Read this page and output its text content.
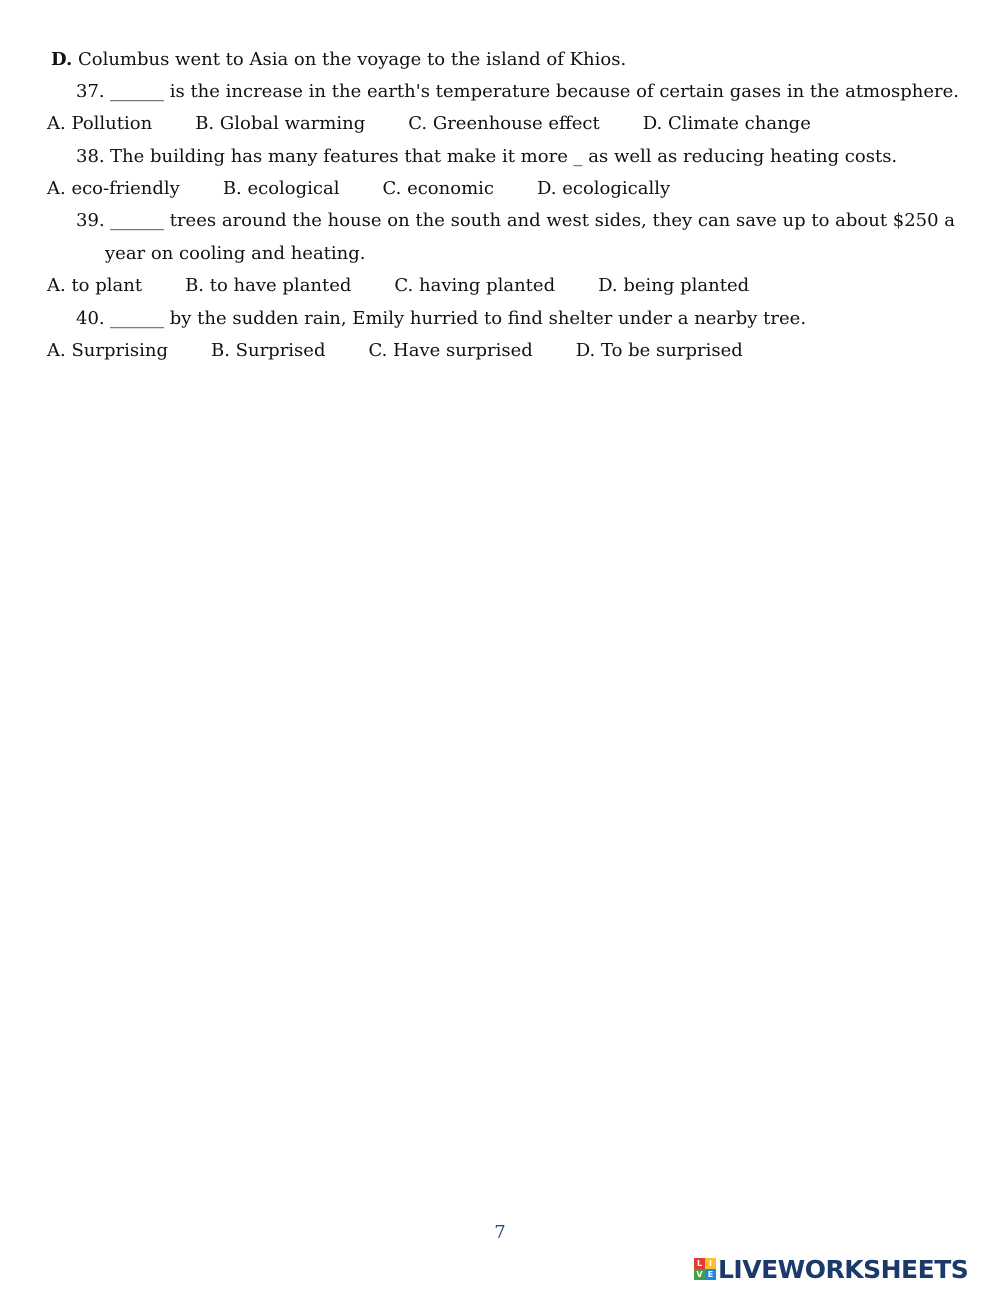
D. Columbus went to Asia on the voyage to the island of Khios.
37. ______ is the increase in the earth's temperature because of certain gases in the atmosphere.
A. Pollution B. Global warming C. Greenhouse effect D. Climate change
38. The building has many features that make it more _ as well as reducing heating costs.
A. eco-friendly B. ecological C. economic D. ecologically
39. ______ trees around the house on the south and west sides, they can save up to about $250 a
year on cooling and heating.
A. to plant B. to have planted C. having planted D. being planted
40. ______ by the sudden rain, Emily hurried to find shelter under a nearby tree.
A. Surprising B. Surprised C. Have surprised D. To be surprised
7
L I
V E LIVEWORKSHEETS
